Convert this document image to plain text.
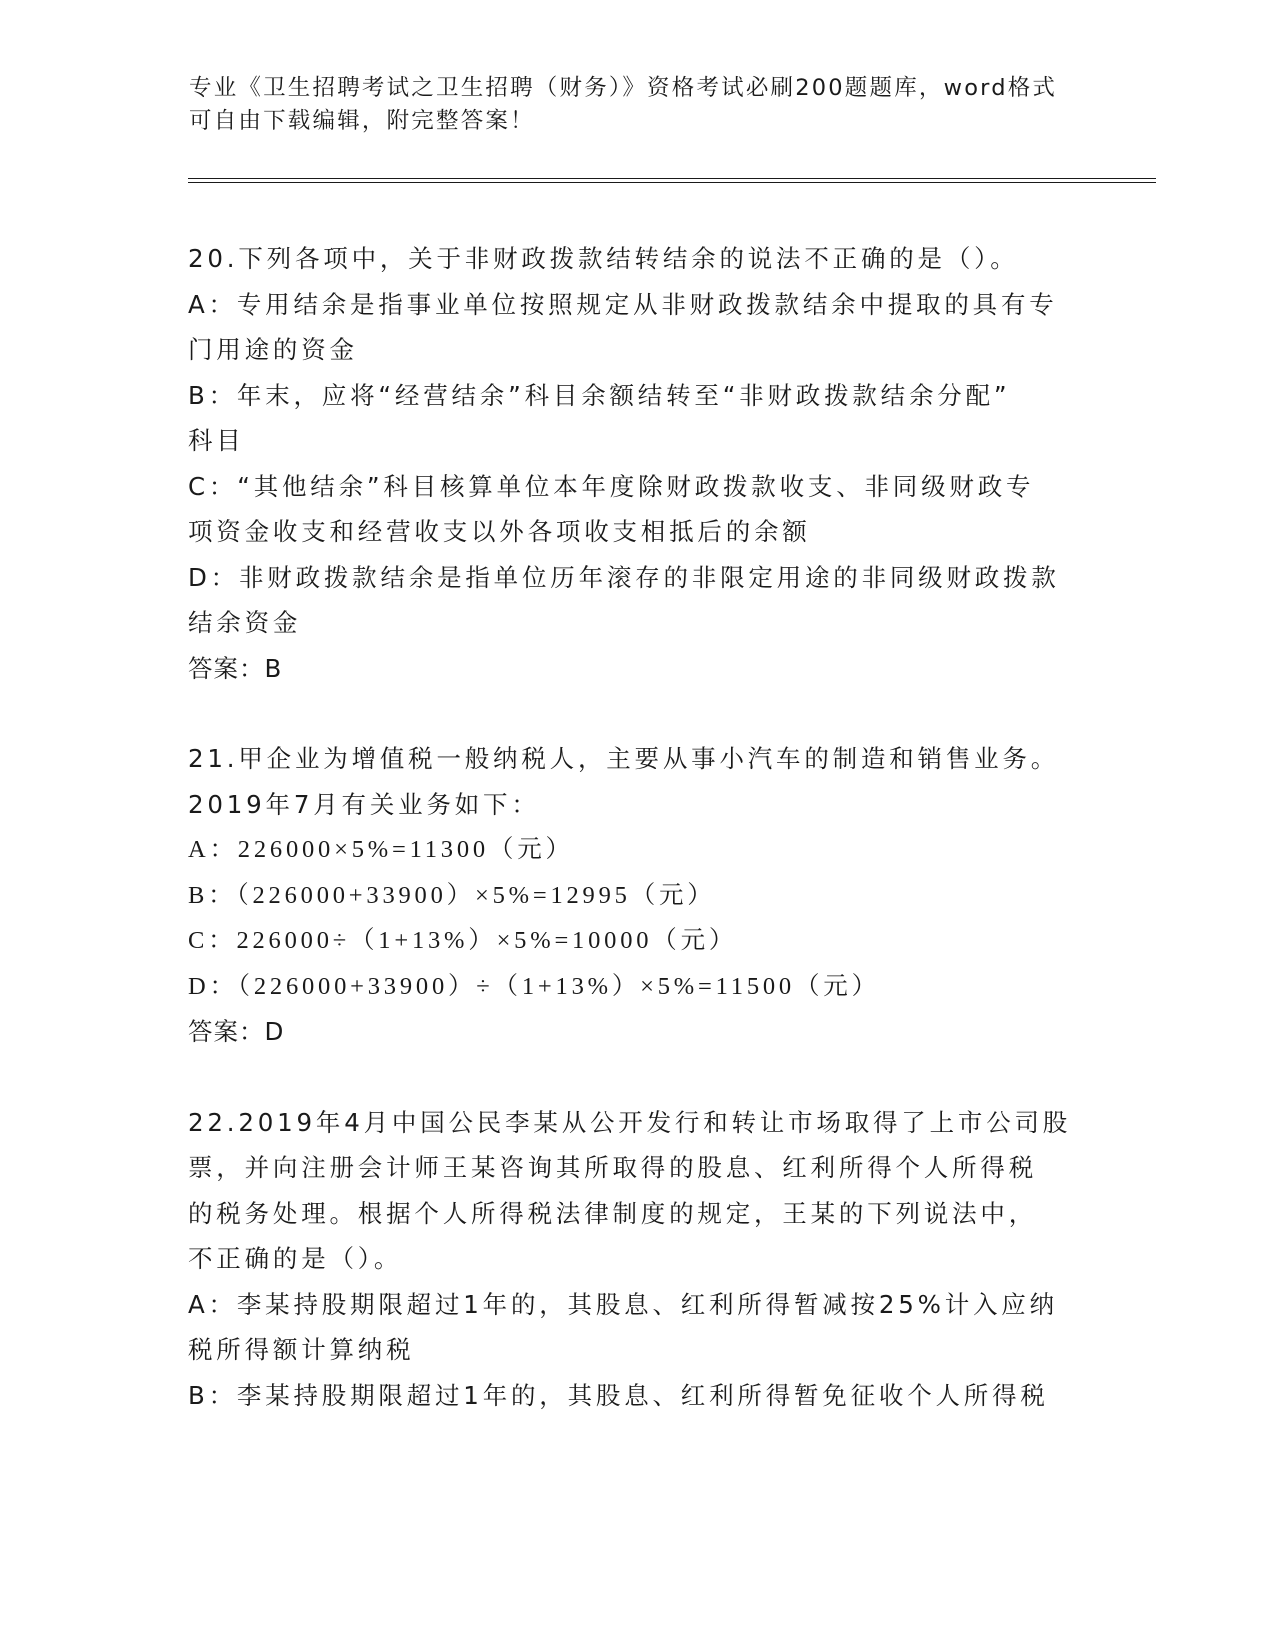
专业《卫生招聘考试之卫生招聘（财务）》资格考试必刷200题题库，word格式
可自由下载编辑，附完整答案！
20.下列各项中，关于非财政拨款结转结余的说法不正确的是（）。
A：专用结余是指事业单位按照规定从非财政拨款结余中提取的具有专
门用途的资金
B：年末，应将“经营结余”科目余额结转至“非财政拨款结余分配”
科目
C：“其他结余”科目核算单位本年度除财政拨款收支、非同级财政专
项资金收支和经营收支以外各项收支相抵后的余额
D：非财政拨款结余是指单位历年滚存的非限定用途的非同级财政拨款
结余资金
答案：B
21.甲企业为增值税一般纳税人，主要从事小汽车的制造和销售业务。
2019年7月有关业务如下：
A：226000×5%=11300（元）
B：（226000+33900）×5%=12995（元）
C：226000÷（1+13%）×5%=10000（元）
D：（226000+33900）÷（1+13%）×5%=11500（元）
答案：D
22.2019年4月中国公民李某从公开发行和转让市场取得了上市公司股
票，并向注册会计师王某咨询其所取得的股息、红利所得个人所得税
的税务处理。根据个人所得税法律制度的规定，王某的下列说法中，
不正确的是（）。
A：李某持股期限超过1年的，其股息、红利所得暂减按25%计入应纳
税所得额计算纳税
B：李某持股期限超过1年的，其股息、红利所得暂免征收个人所得税
